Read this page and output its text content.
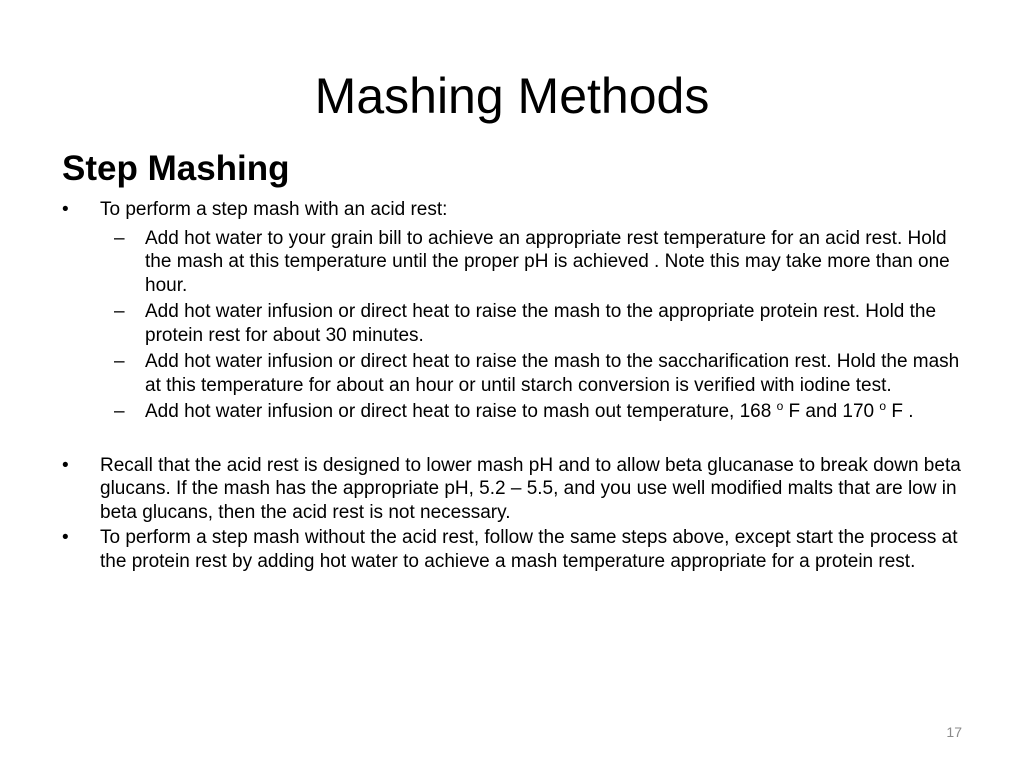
Mashing Methods
Step Mashing
•	To perform a step mash with an acid rest:
– Add hot water to your grain bill to achieve an appropriate rest temperature for an acid rest. Hold the mash at this temperature until the proper pH is achieved . Note this may take more than one hour.
– Add hot water infusion or direct heat to raise the mash to the appropriate protein rest. Hold the protein rest for about 30 minutes.
– Add hot water infusion or direct heat to raise the mash to the saccharification rest. Hold the mash at this temperature for about an hour or until starch conversion is verified with iodine test.
– Add hot water infusion or direct heat to raise to mash out temperature, 168 $^o$ F and 170 $^o$ F .
•	Recall that the acid rest is designed to lower mash pH and to allow beta glucanase to break down beta glucans. If the mash has the appropriate pH, 5.2 – 5.5, and you use well modified malts that are low in beta glucans, then the acid rest is not necessary.
•	To perform a step mash without the acid rest, follow the same steps above, except start the process at the protein rest by adding hot water to achieve a mash temperature appropriate for a protein rest.
17
